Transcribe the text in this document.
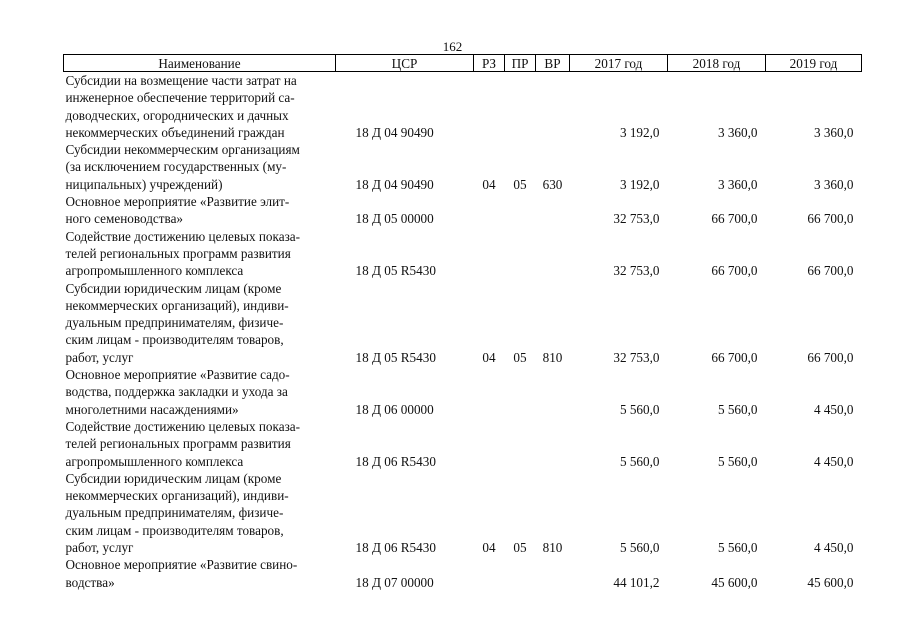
162
Наименование	ЦСР	РЗ	ПР	ВР	2017 год	2018 год	2019 год

Субсидии на возмещение части затрат на
инженерное обеспечение территорий са-
доводческих, огороднических и дачных
некоммерческих объединений граждан	18 Д 04 90490				3 192,0	3 360,0	3 360,0

Субсидии некоммерческим организациям
(за исключением государственных (му-
ниципальных) учреждений)	18 Д 04 90490	04	05	630	3 192,0	3 360,0	3 360,0

Основное мероприятие «Развитие элит-
ного семеноводства»	18 Д 05 00000				32 753,0	66 700,0	66 700,0

Содействие достижению целевых показа-
телей региональных программ развития
агропромышленного комплекса	18 Д 05 R5430				32 753,0	66 700,0	66 700,0

Субсидии юридическим лицам (кроме
некоммерческих организаций), индиви-
дуальным предпринимателям, физиче-
ским лицам - производителям товаров,
работ, услуг	18 Д 05 R5430	04	05	810	32 753,0	66 700,0	66 700,0

Основное мероприятие «Развитие садо-
водства, поддержка закладки и ухода за
многолетними насаждениями»	18 Д 06 00000				5 560,0	5 560,0	4 450,0

Содействие достижению целевых показа-
телей региональных программ развития
агропромышленного комплекса	18 Д 06 R5430				5 560,0	5 560,0	4 450,0

Субсидии юридическим лицам (кроме
некоммерческих организаций), индиви-
дуальным предпринимателям, физиче-
ским лицам - производителям товаров,
работ, услуг	18 Д 06 R5430	04	05	810	5 560,0	5 560,0	4 450,0

Основное мероприятие «Развитие свино-
водства»	18 Д 07 00000				44 101,2	45 600,0	45 600,0
